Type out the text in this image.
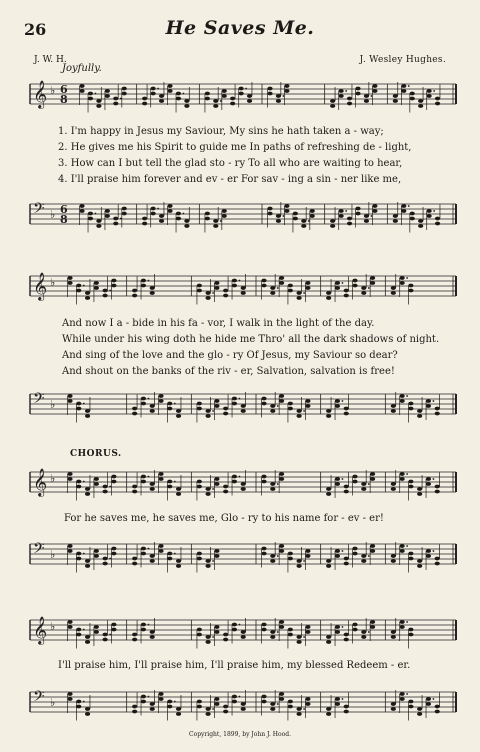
26	He Saves Me.
J. W. H.	J. Wesley Hughes.
Joyfully.
𝄞 ♭ 6
8
1. I'm happy in Jesus my Saviour, My sins he hath taken a - way;
2. He gives me his Spirit to guide me In paths of refreshing de - light,
3. How can I but tell the glad sto - ry To all who are waiting to hear,
4. I'll praise him forever and ev - er For sav - ing a sin - ner like me,
𝄢 ♭ 6
8
𝄞 ♭
And now I a - bide in his fa - vor, I walk in the light of the day.
While under his wing doth he hide me Thro' all the dark shadows of night.
And sing of the love and the glo - ry Of Jesus, my Saviour so dear?
And shout on the banks of the riv - er, Salvation, salvation is free!
𝄢 ♭
CHORUS.
𝄞 ♭
For he saves me, he saves me, Glo - ry to his name for - ev - er!
𝄢 ♭
𝄞 ♭
I'll praise him, I'll praise him, I'll praise him, my blessed Redeem - er.
𝄢 ♭
Copyright, 1899, by John J. Hood.
